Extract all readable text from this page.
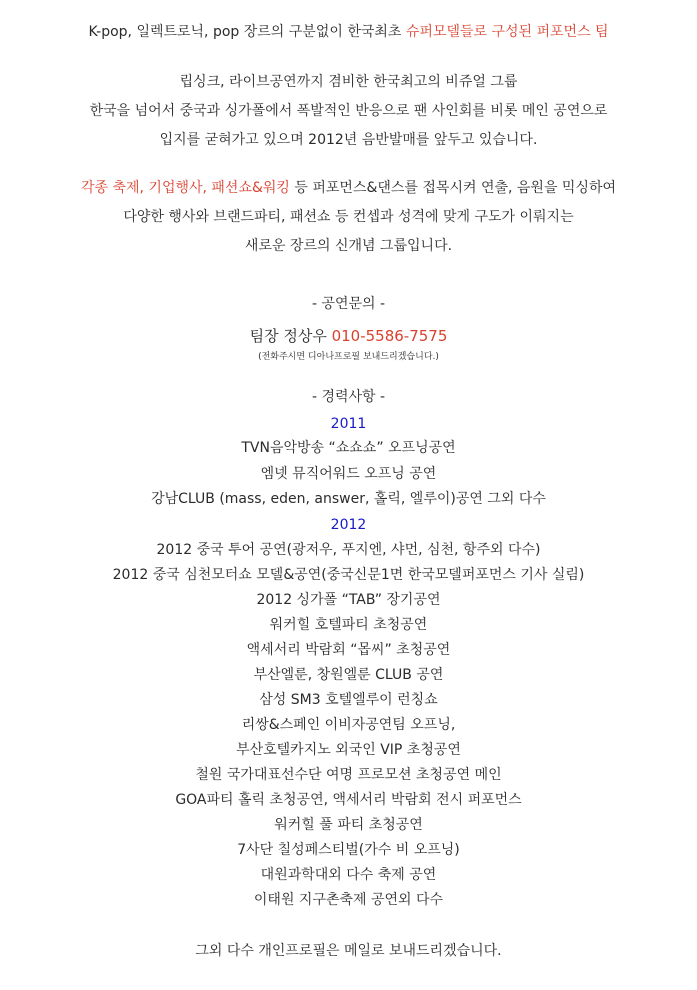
K-pop, 일렉트로닉, pop 장르의 구분없이 한국최초 슈퍼모델들로 구성된 퍼포먼스 팀
립싱크, 라이브공연까지 겸비한 한국최고의 비쥬얼 그룹
한국을 넘어서 중국과 싱가폴에서 폭발적인 반응으로 팬 사인회를 비롯 메인 공연으로
입지를 굳혀가고 있으며 2012년 음반발매를 앞두고 있습니다.
각종 축제, 기업행사, 패션쇼&워킹 등 퍼포먼스&댄스를 접목시켜 연출, 음원을 믹싱하여
다양한 행사와 브랜드파티, 패션쇼 등 컨셉과 성격에 맞게 구도가 이뤄지는
새로운 장르의 신개념 그룹입니다.
- 공연문의 -
팀장 정상우 010-5586-7575
(전화주시면 디아나프로필 보내드리겠습니다.)
- 경력사항 -
2011
TVN음악방송 “쇼쇼쇼” 오프닝공연
엠넷 뮤직어워드 오프닝 공연
강남CLUB (mass, eden, answer, 홀릭, 엘루이)공연 그외 다수
2012
2012 중국 투어 공연(광저우, 푸지엔, 샤먼, 심천, 항주외 다수)
2012 중국 심천모터쇼 모델&공연(중국신문1면 한국모델퍼포먼스 기사 실림)
2012 싱가폴 “TAB” 장기공연
워커힐 호텔파티 초청공연
액세서리 박람회 “몹씨” 초청공연
부산엘룬, 창원엘룬 CLUB 공연
삼성 SM3 호텔엘루이 런칭쇼
리쌍&스페인 이비자공연팀 오프닝,
부산호텔카지노 외국인 VIP 초청공연
철원 국가대표선수단 여명 프로모션 초청공연 메인
GOA파티 홀릭 초청공연, 액세서리 박람회 전시 퍼포먼스
워커힐 풀 파티 초청공연
7사단 칠성페스티벌(가수 비 오프닝)
대원과학대외 다수 축제 공연
이태원 지구촌축제 공연외 다수
그외 다수 개인프로필은 메일로 보내드리겠습니다.
